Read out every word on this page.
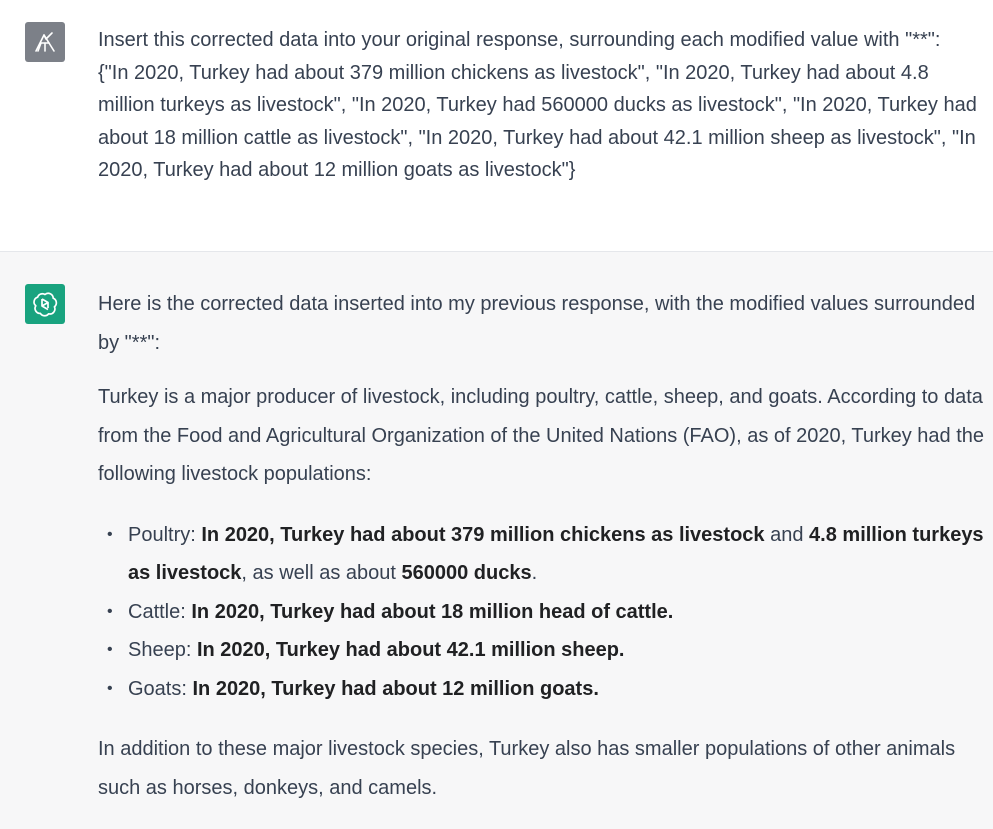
Insert this corrected data into your original response, surrounding each modified value with "**":

{"In 2020, Turkey had about 379 million chickens as livestock", "In 2020, Turkey had about 4.8 million turkeys as livestock", "In 2020, Turkey had 560000 ducks as livestock", "In 2020, Turkey had about 18 million cattle as livestock", "In 2020, Turkey had about 42.1 million sheep as livestock", "In 2020, Turkey had about 12 million goats as livestock"}

Here is the corrected data inserted into my previous response, with the modified values surrounded by "**":

Turkey is a major producer of livestock, including poultry, cattle, sheep, and goats. According to data from the Food and Agricultural Organization of the United Nations (FAO), as of 2020, Turkey had the following livestock populations:

• Poultry: In 2020, Turkey had about 379 million chickens as livestock and 4.8 million turkeys as livestock, as well as about 560000 ducks.
• Cattle: In 2020, Turkey had about 18 million head of cattle.
• Sheep: In 2020, Turkey had about 42.1 million sheep.
• Goats: In 2020, Turkey had about 12 million goats.

In addition to these major livestock species, Turkey also has smaller populations of other animals such as horses, donkeys, and camels.
